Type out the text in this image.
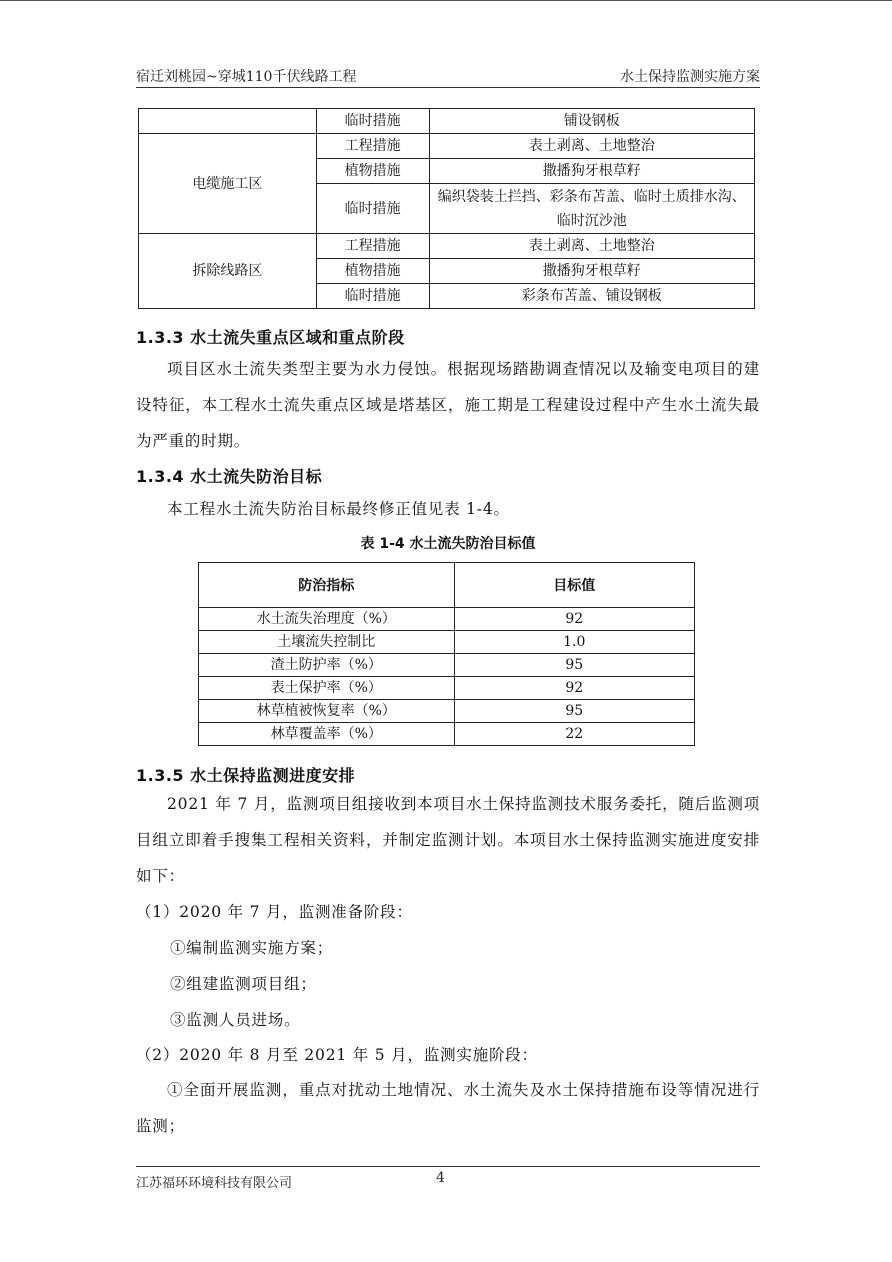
宿迁刘桃园~穿城110千伏线路工程	水土保持监测实施方案
	临时措施	铺设钢板
电缆施工区	工程措施	表土剥离、土地整治
	植物措施	撒播狗牙根草籽
	临时措施	编织袋装土拦挡、彩条布苫盖、临时土质排水沟、临时沉沙池
拆除线路区	工程措施	表土剥离、土地整治
	植物措施	撒播狗牙根草籽
	临时措施	彩条布苫盖、铺设钢板
1.3.3 水土流失重点区域和重点阶段

项目区水土流失类型主要为水力侵蚀。根据现场踏勘调查情况以及输变电项目的建设特征，本工程水土流失重点区域是塔基区，施工期是工程建设过程中产生水土流失最为严重的时期。

1.3.4 水土流失防治目标

本工程水土流失防治目标最终修正值见表 1-4。

表 1-4 水土流失防治目标值
防治指标	目标值
水土流失治理度（%）	92
土壤流失控制比	1.0
渣土防护率（%）	95
表土保护率（%）	92
林草植被恢复率（%）	95
林草覆盖率（%）	22
1.3.5 水土保持监测进度安排

2021 年 7 月，监测项目组接收到本项目水土保持监测技术服务委托，随后监测项目组立即着手搜集工程相关资料，并制定监测计划。本项目水土保持监测实施进度安排如下：

（1）2020 年 7 月，监测准备阶段：

①编制监测实施方案；

②组建监测项目组；

③监测人员进场。

（2）2020 年 8 月至 2021 年 5 月，监测实施阶段：

①全面开展监测，重点对扰动土地情况、水土流失及水土保持措施布设等情况进行监测；

江苏福环环境科技有限公司	4
